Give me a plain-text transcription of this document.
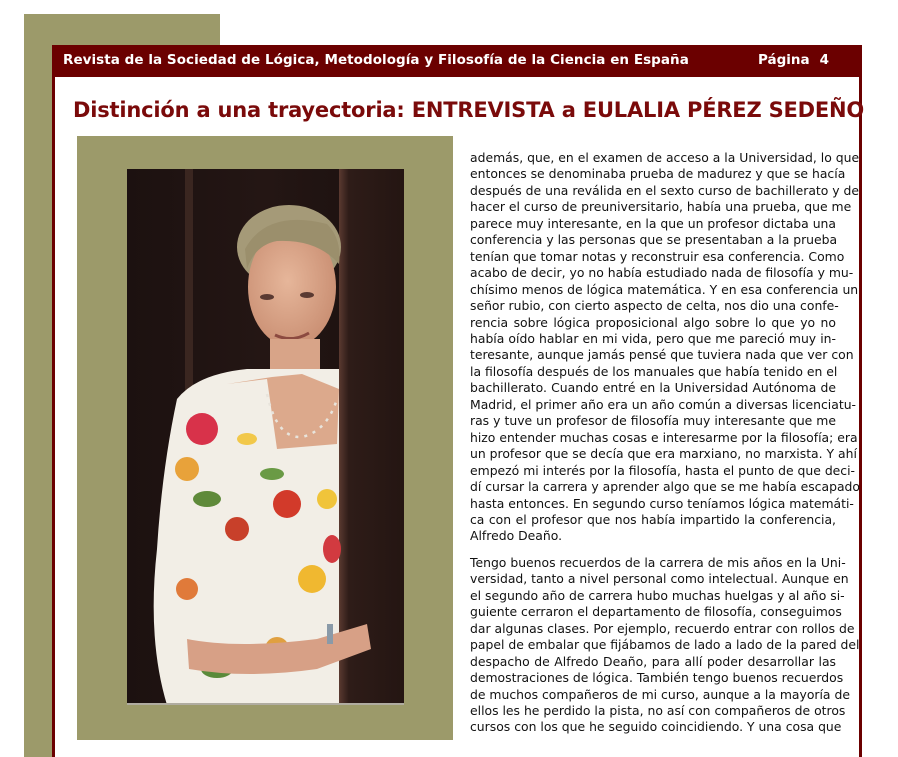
Revista de la Sociedad de Lógica, Metodología y Filosofía de la Ciencia en España	Página 4
Distinción a una trayectoria: ENTREVISTA a EULALIA PÉREZ SEDEÑO

además, que, en el examen de acceso a la Universidad, lo que
entonces se denominaba prueba de madurez y que se hacía
después de una reválida en el sexto curso de bachillerato y de
hacer el curso de preuniversitario, había una prueba, que me
parece muy interesante, en la que un profesor dictaba una
conferencia y las personas que se presentaban a la prueba
tenían que tomar notas y reconstruir esa conferencia. Como
acabo de decir, yo no había estudiado nada de filosofía y mu-
chísimo menos de lógica matemática. Y en esa conferencia un
señor rubio, con cierto aspecto de celta, nos dio una confe-
rencia sobre lógica proposicional algo sobre lo que yo no
había oído hablar en mi vida, pero que me pareció muy in-
teresante, aunque jamás pensé que tuviera nada que ver con
la filosofía después de los manuales que había tenido en el
bachillerato. Cuando entré en la Universidad Autónoma de
Madrid, el primer año era un año común a diversas licenciatu-
ras y tuve un profesor de filosofía muy interesante que me
hizo entender muchas cosas e interesarme por la filosofía; era
un profesor que se decía que era marxiano, no marxista. Y ahí
empezó mi interés por la filosofía, hasta el punto de que deci-
dí cursar la carrera y aprender algo que se me había escapado
hasta entonces. En segundo curso teníamos lógica matemáti-
ca con el profesor que nos había impartido la conferencia,
Alfredo Deaño.

Tengo buenos recuerdos de la carrera de mis años en la Uni-
versidad, tanto a nivel personal como intelectual. Aunque en
el segundo año de carrera hubo muchas huelgas y al año si-
guiente cerraron el departamento de filosofía, conseguimos
dar algunas clases. Por ejemplo, recuerdo entrar con rollos de
papel de embalar que fijábamos de lado a lado de la pared del
despacho de Alfredo Deaño, para allí poder desarrollar las
demostraciones de lógica. También tengo buenos recuerdos
de muchos compañeros de mi curso, aunque a la mayoría de
ellos les he perdido la pista, no así con compañeros de otros
cursos con los que he seguido coincidiendo. Y una cosa que
